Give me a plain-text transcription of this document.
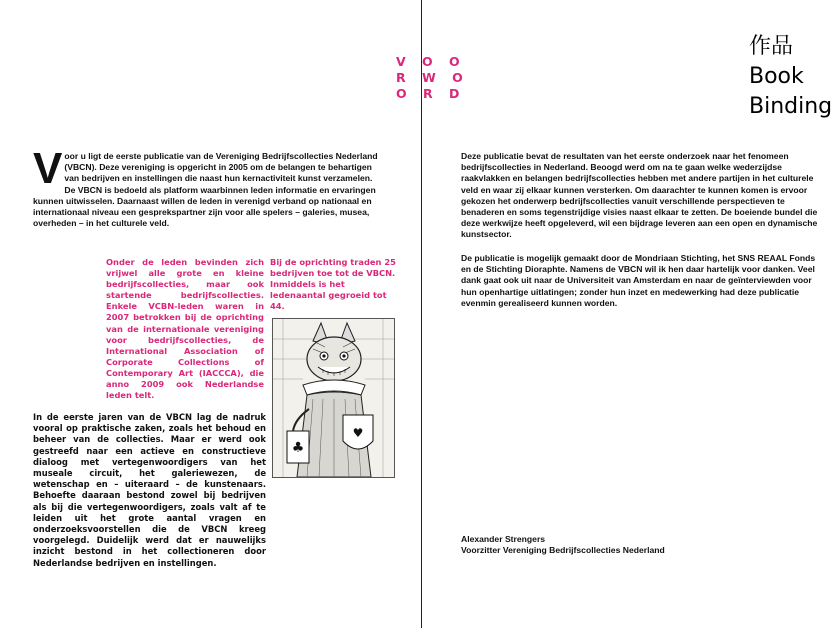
V O O
R W O
O R D
作品
Book
Binding
Voor u ligt de eerste publicatie van de Vereniging Bedrijfscollecties Nederland (VBCN). Deze vereniging is opgericht in 2005 om de belangen te behartigen van bedrijven en instellingen die naast hun kernactiviteit kunst verzamelen. De VBCN is bedoeld als platform waarbinnen leden informatie en ervaringen kunnen uitwisselen. Daarnaast willen de leden in verenigd verband op nationaal en internationaal niveau een gesprekspartner zijn voor alle spelers – galeries, musea, overheden – in het culturele veld.
Onder de leden bevinden zich vrijwel alle grote en kleine bedrijfscollecties, maar ook startende bedrijfscollecties. Enkele VCBN-leden waren in 2007 betrokken bij de oprichting van de internationale vereniging voor bedrijfscollecties, de International Association of Corporate Collections of Contemporary Art (IACCCA), die anno 2009 ook Nederlandse leden telt.
Bij de oprichting traden 25 bedrijven toe tot de VBCN. Inmiddels is het ledenaantal gegroeid tot 44.
♣
♥
In de eerste jaren van de VBCN lag de nadruk vooral op praktische zaken, zoals het behoud en beheer van de collecties. Maar er werd ook gestreefd naar een actieve en constructieve dialoog met vertegenwoordigers van het museale circuit, het galeriewezen, de wetenschap en – uiteraard – de kunstenaars. Behoefte daaraan bestond zowel bij bedrijven als bij die vertegenwoordigers, zoals valt af te leiden uit het grote aantal vragen en onderzoeksvoorstellen die de VBCN kreeg voorgelegd. Duidelijk werd dat er nauwelijks inzicht bestond in het collectioneren door Nederlandse bedrijven en instellingen.
Deze publicatie bevat de resultaten van het eerste onderzoek naar het fenomeen bedrijfscollecties in Nederland. Beoogd werd om na te gaan welke wederzijdse raakvlakken en belangen bedrijfscollecties hebben met andere partijen in het culturele veld en waar zij elkaar kunnen versterken. Om daarachter te kunnen komen is ervoor gekozen het onderwerp bedrijfscollecties vanuit verschillende perspectieven te benaderen en soms tegenstrijdige visies naast elkaar te zetten. De boeiende bundel die deze werkwijze heeft opgeleverd, wil een bijdrage leveren aan een open en dynamische kunstsector.
De publicatie is mogelijk gemaakt door de Mondriaan Stichting, het SNS REAAL Fonds en de Stichting Dioraphte. Namens de VBCN wil ik hen daar hartelijk voor danken. Veel dank gaat ook uit naar de Universiteit van Amsterdam en naar de geïnterviewden voor hun openhartige uitlatingen; zonder hun inzet en medewerking had deze publicatie evenmin gerealiseerd kunnen worden.
Alexander Strengers
Voorzitter Vereniging Bedrijfscollecties Nederland
